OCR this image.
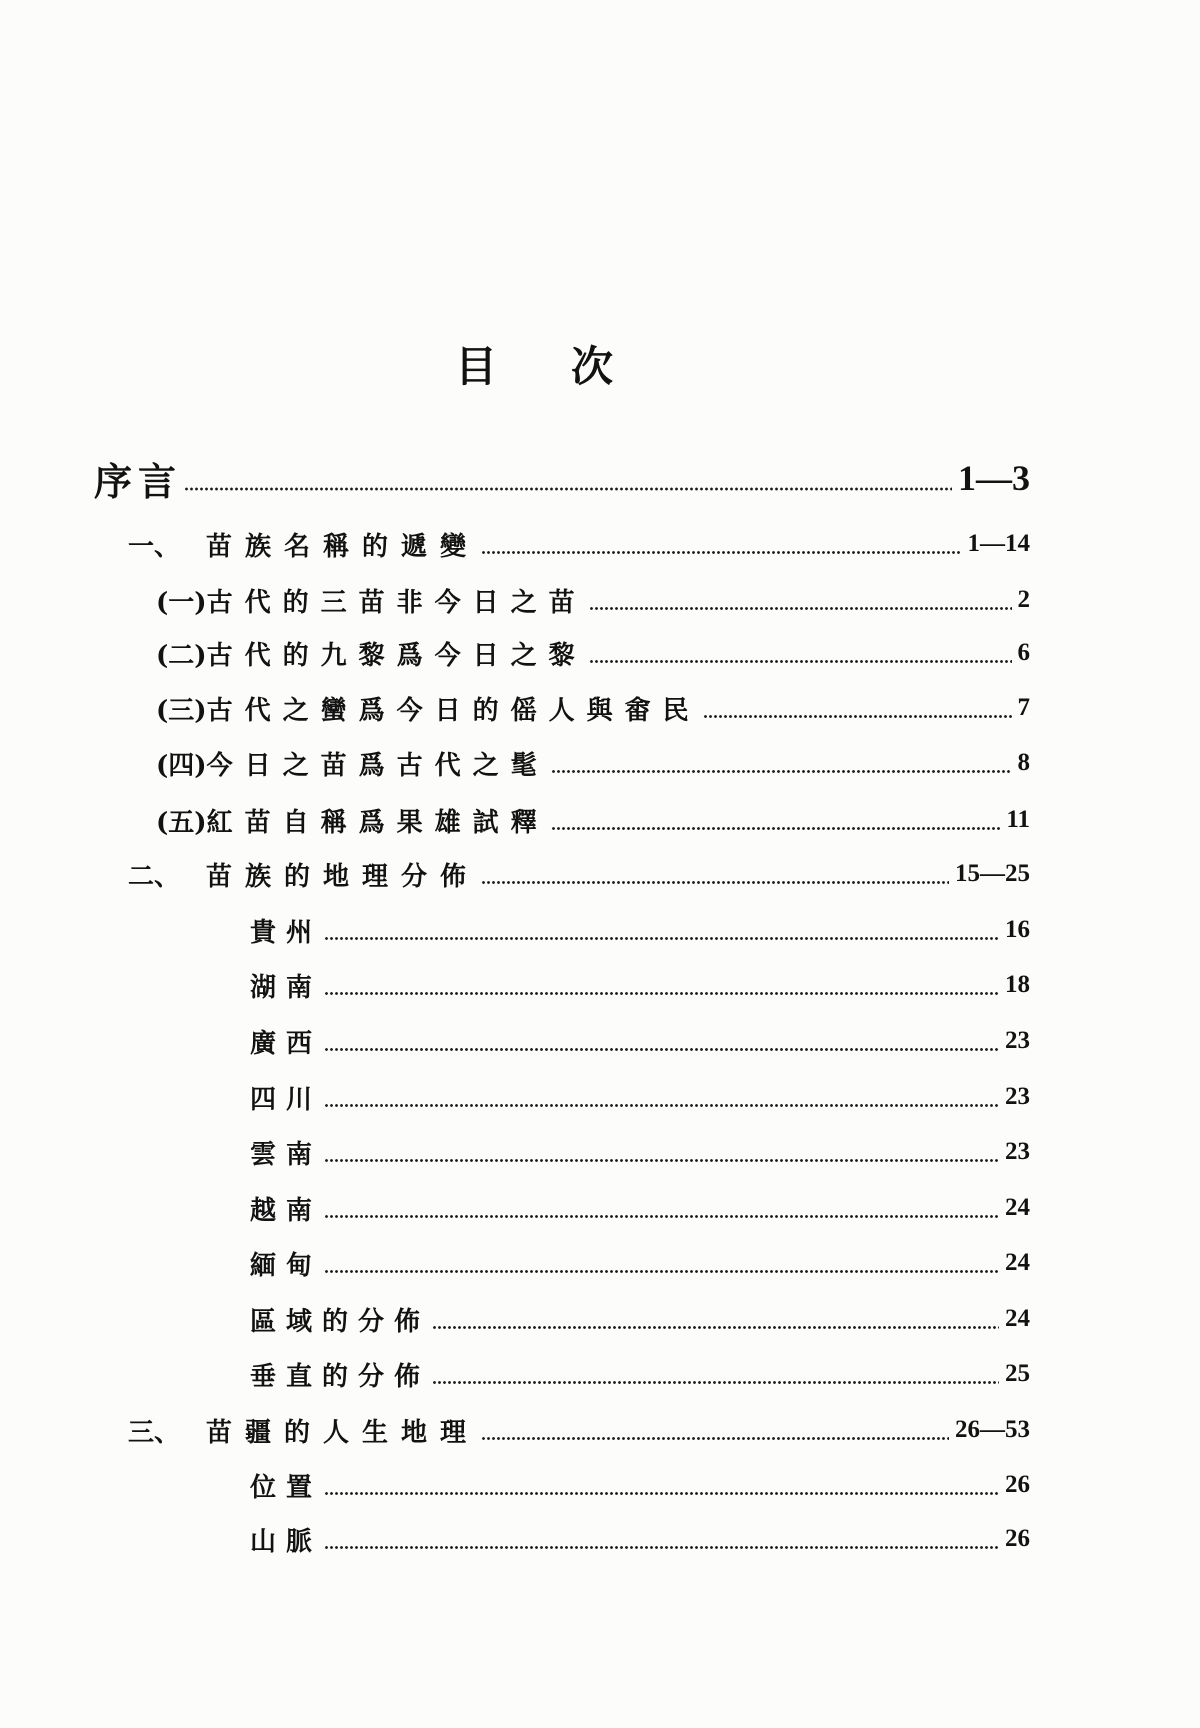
目次
序言	1—3
一、 苗族名稱的遞變	1—14
(一) 古代的三苗非今日之苗	2
(二) 古代的九黎爲今日之黎	6
(三) 古代之蠻爲今日的傜人與畬民	7
(四) 今日之苗爲古代之髦	8
(五) 紅苗自稱爲果雄試釋	11
二、 苗族的地理分佈	15—25
貴州	16
湖南	18
廣西	23
四川	23
雲南	23
越南	24
緬甸	24
區域的分佈	24
垂直的分佈	25
三、 苗疆的人生地理	26—53
位置	26
山脈	26
